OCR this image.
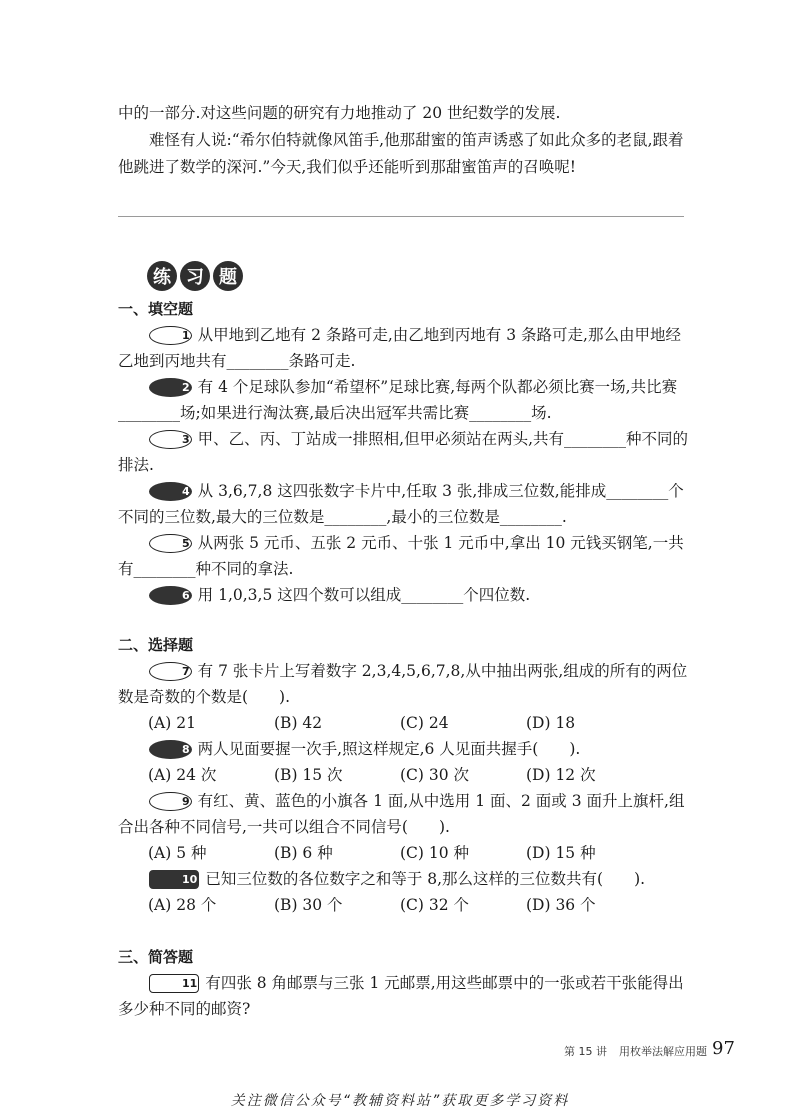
中的一部分.对这些问题的研究有力地推动了 20 世纪数学的发展.

难怪有人说:“希尔伯特就像风笛手,他那甜蜜的笛声诱惑了如此众多的老鼠,跟着他跳进了数学的深河.”今天,我们似乎还能听到那甜蜜笛声的召唤呢!

练 习 题

一、填空题

1 从甲地到乙地有 2 条路可走,由乙地到丙地有 3 条路可走,那么由甲地经乙地到丙地共有________条路可走.

2 有 4 个足球队参加“希望杯”足球比赛,每两个队都必须比赛一场,共比赛________场;如果进行淘汰赛,最后决出冠军共需比赛________场.

3 甲、乙、丙、丁站成一排照相,但甲必须站在两头,共有________种不同的排法.

4 从 3,6,7,8 这四张数字卡片中,任取 3 张,排成三位数,能排成________个不同的三位数,最大的三位数是________,最小的三位数是________.

5 从两张 5 元币、五张 2 元币、十张 1 元币中,拿出 10 元钱买钢笔,一共有________种不同的拿法.

6 用 1,0,3,5 这四个数可以组成________个四位数.

二、选择题

7 有 7 张卡片上写着数字 2,3,4,5,6,7,8,从中抽出两张,组成的所有的两位数是奇数的个数是(　　).

(A) 21	(B) 42	(C) 24	(D) 18

8 两人见面要握一次手,照这样规定,6 人见面共握手(　　).

(A) 24 次	(B) 15 次	(C) 30 次	(D) 12 次

9 有红、黄、蓝色的小旗各 1 面,从中选用 1 面、2 面或 3 面升上旗杆,组合出各种不同信号,一共可以组合不同信号(　　).

(A) 5 种	(B) 6 种	(C) 10 种	(D) 15 种

10 已知三位数的各位数字之和等于 8,那么这样的三位数共有(　　).

(A) 28 个	(B) 30 个	(C) 32 个	(D) 36 个

三、简答题

11 有四张 8 角邮票与三张 1 元邮票,用这些邮票中的一张或若干张能得出多少种不同的邮资?

第 15 讲 用枚举法解应用题 97
关注微信公众号“教辅资料站”获取更多学习资料
